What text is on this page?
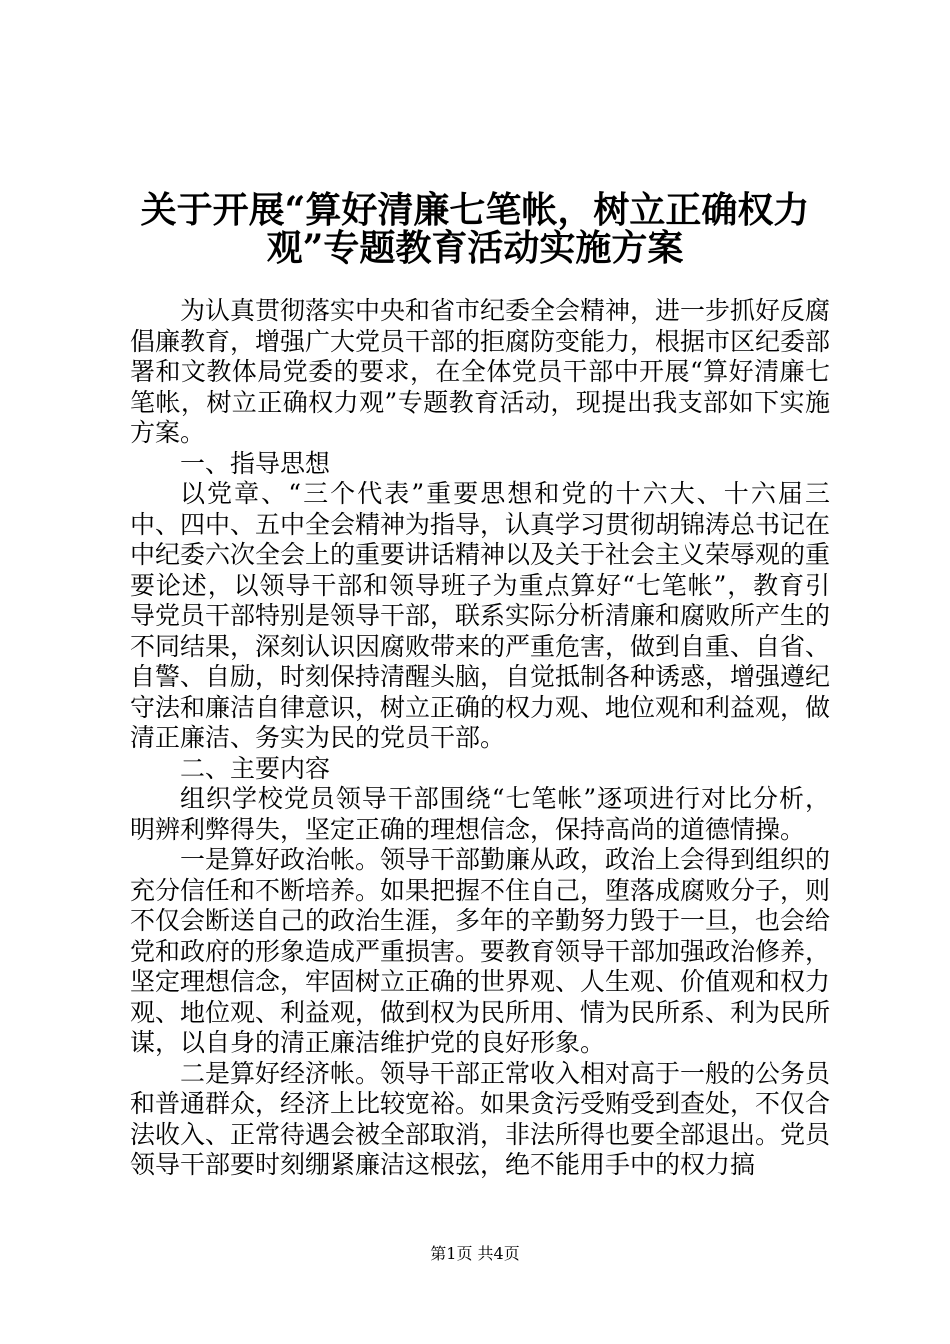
关于开展“算好清廉七笔帐，树立正确权力
观”专题教育活动实施方案

为认真贯彻落实中央和省市纪委全会精神，进一步抓好反腐倡廉教育，增强广大党员干部的拒腐防变能力，根据市区纪委部署和文教体局党委的要求，在全体党员干部中开展“算好清廉七笔帐，树立正确权力观”专题教育活动，现提出我支部如下实施方案。

一、指导思想

以党章、“三个代表”重要思想和党的十六大、十六届三中、四中、五中全会精神为指导，认真学习贯彻胡锦涛总书记在中纪委六次全会上的重要讲话精神以及关于社会主义荣辱观的重要论述，以领导干部和领导班子为重点算好“七笔帐”，教育引导党员干部特别是领导干部，联系实际分析清廉和腐败所产生的不同结果，深刻认识因腐败带来的严重危害，做到自重、自省、自警、自励，时刻保持清醒头脑，自觉抵制各种诱惑，增强遵纪守法和廉洁自律意识，树立正确的权力观、地位观和利益观，做清正廉洁、务实为民的党员干部。

二、主要内容

组织学校党员领导干部围绕“七笔帐”逐项进行对比分析，明辨利弊得失，坚定正确的理想信念，保持高尚的道德情操。

一是算好政治帐。领导干部勤廉从政，政治上会得到组织的充分信任和不断培养。如果把握不住自己，堕落成腐败分子，则不仅会断送自己的政治生涯，多年的辛勤努力毁于一旦，也会给党和政府的形象造成严重损害。要教育领导干部加强政治修养，坚定理想信念，牢固树立正确的世界观、人生观、价值观和权力观、地位观、利益观，做到权为民所用、情为民所系、利为民所谋，以自身的清正廉洁维护党的良好形象。

二是算好经济帐。领导干部正常收入相对高于一般的公务员和普通群众，经济上比较宽裕。如果贪污受贿受到查处，不仅合法收入、正常待遇会被全部取消，非法所得也要全部退出。党员领导干部要时刻绷紧廉洁这根弦，绝不能用手中的权力搞

第1页 共4页
